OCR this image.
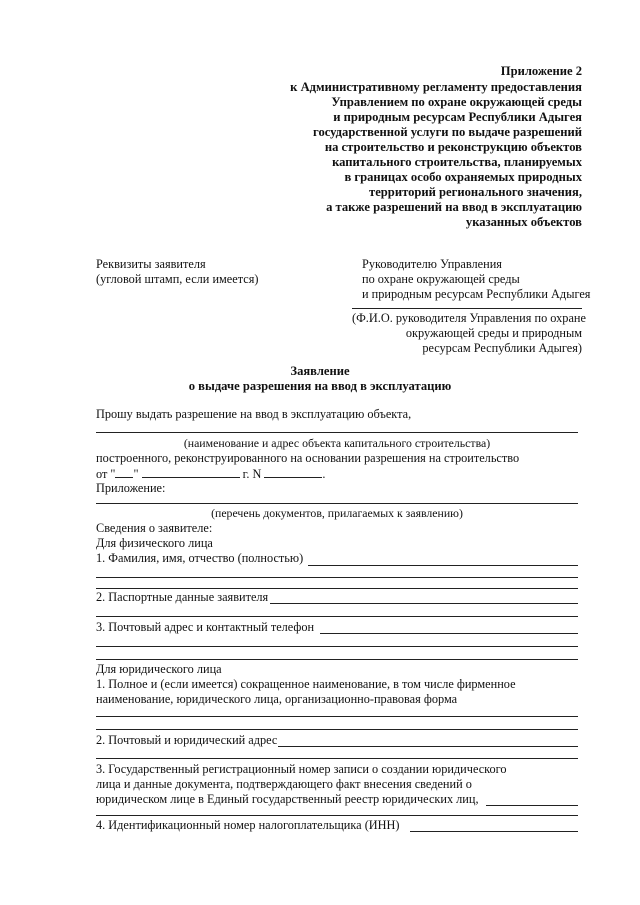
Приложение 2
к Административному регламенту предоставления
Управлением по охране окружающей среды
и природным ресурсам Республики Адыгея
государственной услуги по выдаче разрешений
на строительство и реконструкцию объектов
капитального строительства, планируемых
в границах особо охраняемых природных
территорий регионального значения,
а также разрешений на ввод в эксплуатацию
указанных объектов
Реквизиты заявителя
(угловой штамп, если имеется)
Руководителю Управления
по охране окружающей среды
и природным ресурсам Республики Адыгея
(Ф.И.О. руководителя Управления по охране
окружающей среды и природным
ресурсам Республики Адыгея)
Заявление
о выдаче разрешения на ввод в эксплуатацию
Прошу выдать разрешение на ввод в эксплуатацию объекта,
(наименование и адрес объекта капитального строительства)
построенного, реконструированного на основании разрешения на строительство
от " "	г. N	.
Приложение:
(перечень документов, прилагаемых к заявлению)
Сведения о заявителе:
Для физического лица
1. Фамилия, имя, отчество (полностью)
2. Паспортные данные заявителя
3. Почтовый адрес и контактный телефон
Для юридического лица
1. Полное и (если имеется) сокращенное наименование, в том числе фирменное
наименование, юридического лица, организационно-правовая форма
2. Почтовый и юридический адрес
3. Государственный регистрационный номер записи о создании юридического
лица и данные документа, подтверждающего факт внесения сведений о
юридическом лице в Единый государственный реестр юридических лиц,
4. Идентификационный номер налогоплательщика (ИНН)
